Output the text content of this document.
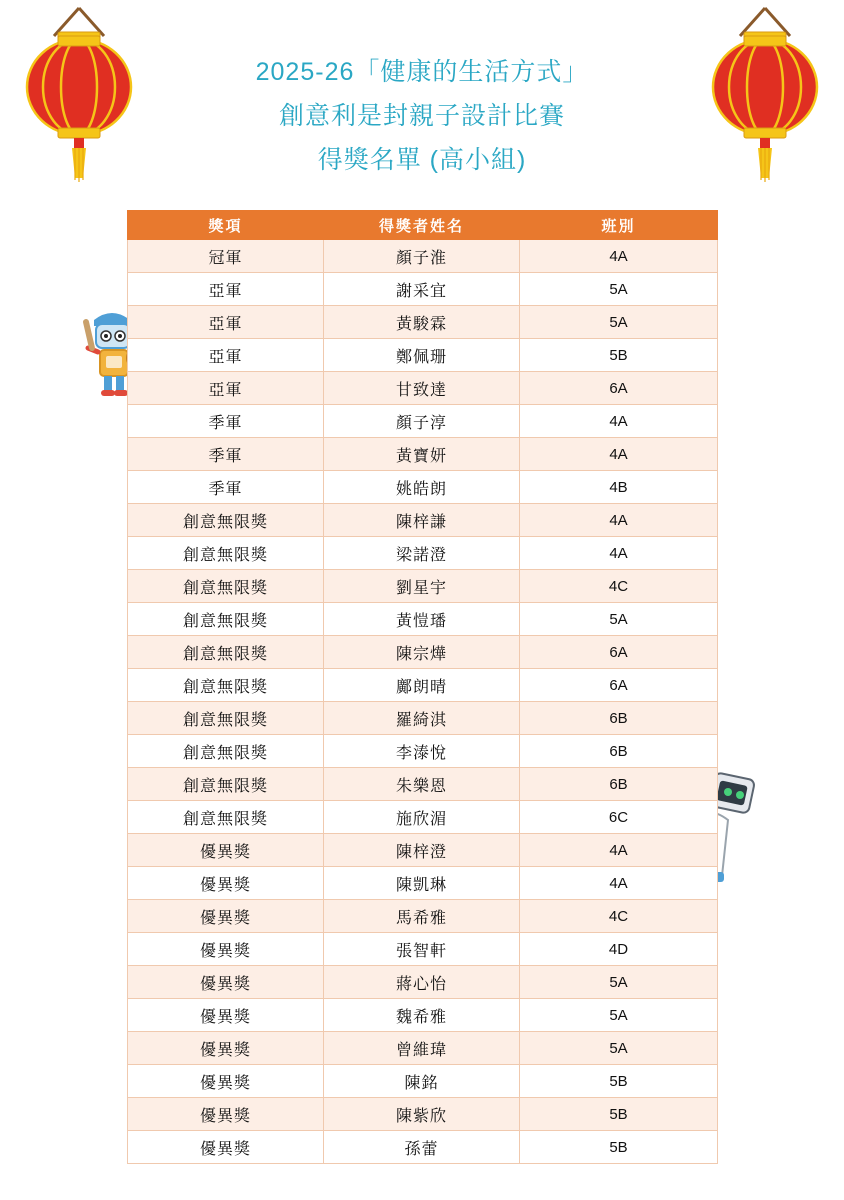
2025-26「健康的生活方式」
創意利是封親子設計比賽
得獎名單 (高小組)
獎項	得獎者姓名	班別
冠軍	顏子淮	4A
亞軍	謝采宜	5A
亞軍	黃駿霖	5A
亞軍	鄭佩珊	5B
亞軍	甘致達	6A
季軍	顏子淳	4A
季軍	黃寶妍	4A
季軍	姚皓朗	4B
創意無限獎	陳梓謙	4A
創意無限獎	梁諾澄	4A
創意無限獎	劉星宇	4C
創意無限獎	黃愷璠	5A
創意無限獎	陳宗燁	6A
創意無限獎	鄺朗晴	6A
創意無限獎	羅綺淇	6B
創意無限獎	李溙悅	6B
創意無限獎	朱樂恩	6B
創意無限獎	施欣湄	6C
優異獎	陳梓澄	4A
優異獎	陳凱琳	4A
優異獎	馬希雅	4C
優異獎	張智軒	4D
優異獎	蔣心怡	5A
優異獎	魏希雅	5A
優異獎	曾維瑋	5A
優異獎	陳銘	5B
優異獎	陳紫欣	5B
優異獎	孫蕾	5B
